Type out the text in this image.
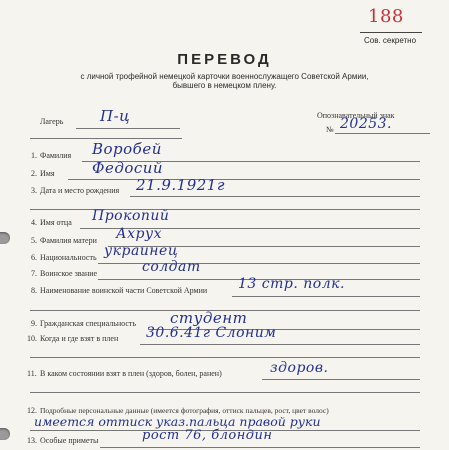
188
Сов. секретно
ПЕРЕВОД
с личной трофейной немецкой карточки военнослужащего Советской Армии,
бывшего в немецком плену.
Лагерь П-ц	Опознавательный знак
№ 20253.
1. Фамилия Воробей
2. Имя Федосий
3. Дата и место рождения 21.9.1921г
4. Имя отца Прокопий
5. Фамилия матери Ахрух
6. Национальность украинец
7. Воинское звание	солдат
8. Наименование воинской части Советской Армии 13 стр. полк.
9. Гражданская специальность студент
10. Когда и где взят в плен 30.6.41г Слоним
11. В каком состоянии взят в плен (здоров, болен, ранен)	здоров.
12. Подробные персональные данные (имеется фотография, оттиск пальцев, рост, цвет волос)
имеется оттиск указ.пальца правой руки
13. Особые приметы	рост 76, блондин
